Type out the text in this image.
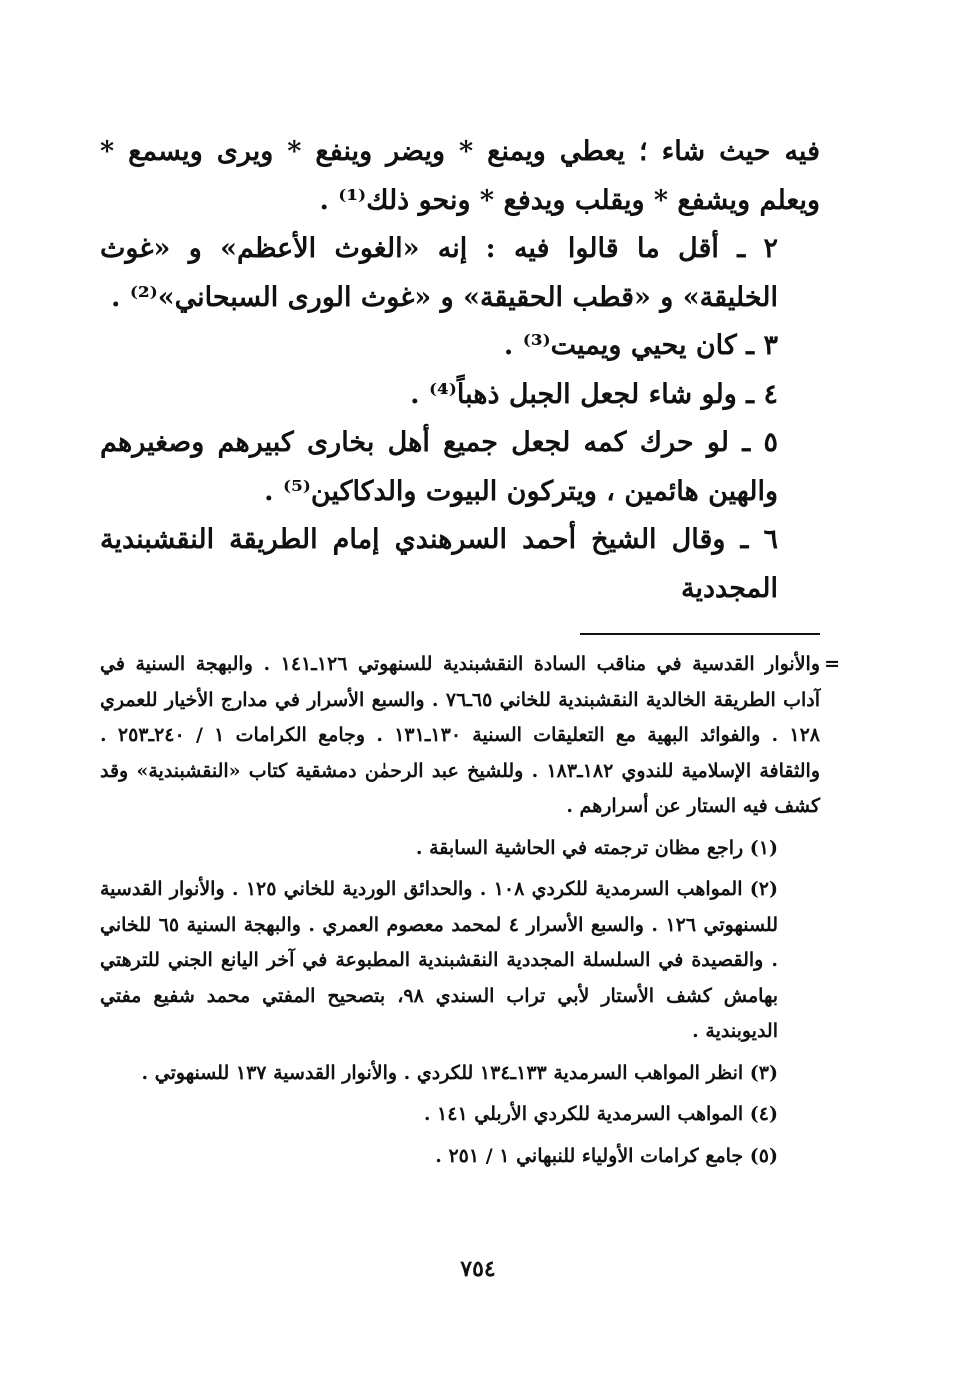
فيه حيث شاء ؛ يعطي ويمنع * ويضر وينفع * ويرى ويسمع * ويعلم ويشفع * ويقلب ويدفع * ونحو ذلك⁽¹⁾ .

٢ ـ أقل ما قالوا فيه : إنه «الغوث الأعظم» و «غوث الخليقة» و «قطب الحقيقة» و «غوث الورى السبحاني»⁽²⁾ .

٣ ـ كان يحيي ويميت⁽³⁾ .

٤ ـ ولو شاء لجعل الجبل ذهباً⁽⁴⁾ .

٥ ـ لو حرك كمه لجعل جميع أهل بخارى كبيرهم وصغيرهم والهين هائمين ، ويتركون البيوت والدكاكين⁽⁵⁾ .

٦ ـ وقال الشيخ أحمد السرهندي إمام الطريقة النقشبندية المجددية

=
والأنوار القدسية في مناقب السادة النقشبندية للسنهوتي ١٢٦ـ١٤١ . والبهجة السنية في آداب الطريقة الخالدية النقشبندية للخاني ٦٥ـ٧٦ . والسبع الأسرار في مدارج الأخيار للعمري ١٢٨ . والفوائد البهية مع التعليقات السنية ١٣٠ـ١٣١ . وجامع الكرامات ١ / ٢٤٠ـ٢٥٣ . والثقافة الإسلامية للندوي ١٨٢ـ١٨٣ . وللشيخ عبد الرحمٰن دمشقية كتاب «النقشبندية» وقد كشف فيه الستار عن أسرارهم .

(١) راجع مظان ترجمته في الحاشية السابقة .

(٢) المواهب السرمدية للكردي ١٠٨ . والحدائق الوردية للخاني ١٢٥ . والأنوار القدسية للسنهوتي ١٢٦ . والسبع الأسرار ٤ لمحمد معصوم العمري . والبهجة السنية ٦٥ للخاني . والقصيدة في السلسلة المجددية النقشبندية المطبوعة في آخر اليانع الجني للترهتي بهامش كشف الأستار لأبي تراب السندي ٩٨، بتصحيح المفتي محمد شفيع مفتي الديوبندية .

(٣) انظر المواهب السرمدية ١٣٣ـ١٣٤ للكردي . والأنوار القدسية ١٣٧ للسنهوتي .

(٤) المواهب السرمدية للكردي الأربلي ١٤١ .

(٥) جامع كرامات الأولياء للنبهاني ١ / ٢٥١ .

٧٥٤
